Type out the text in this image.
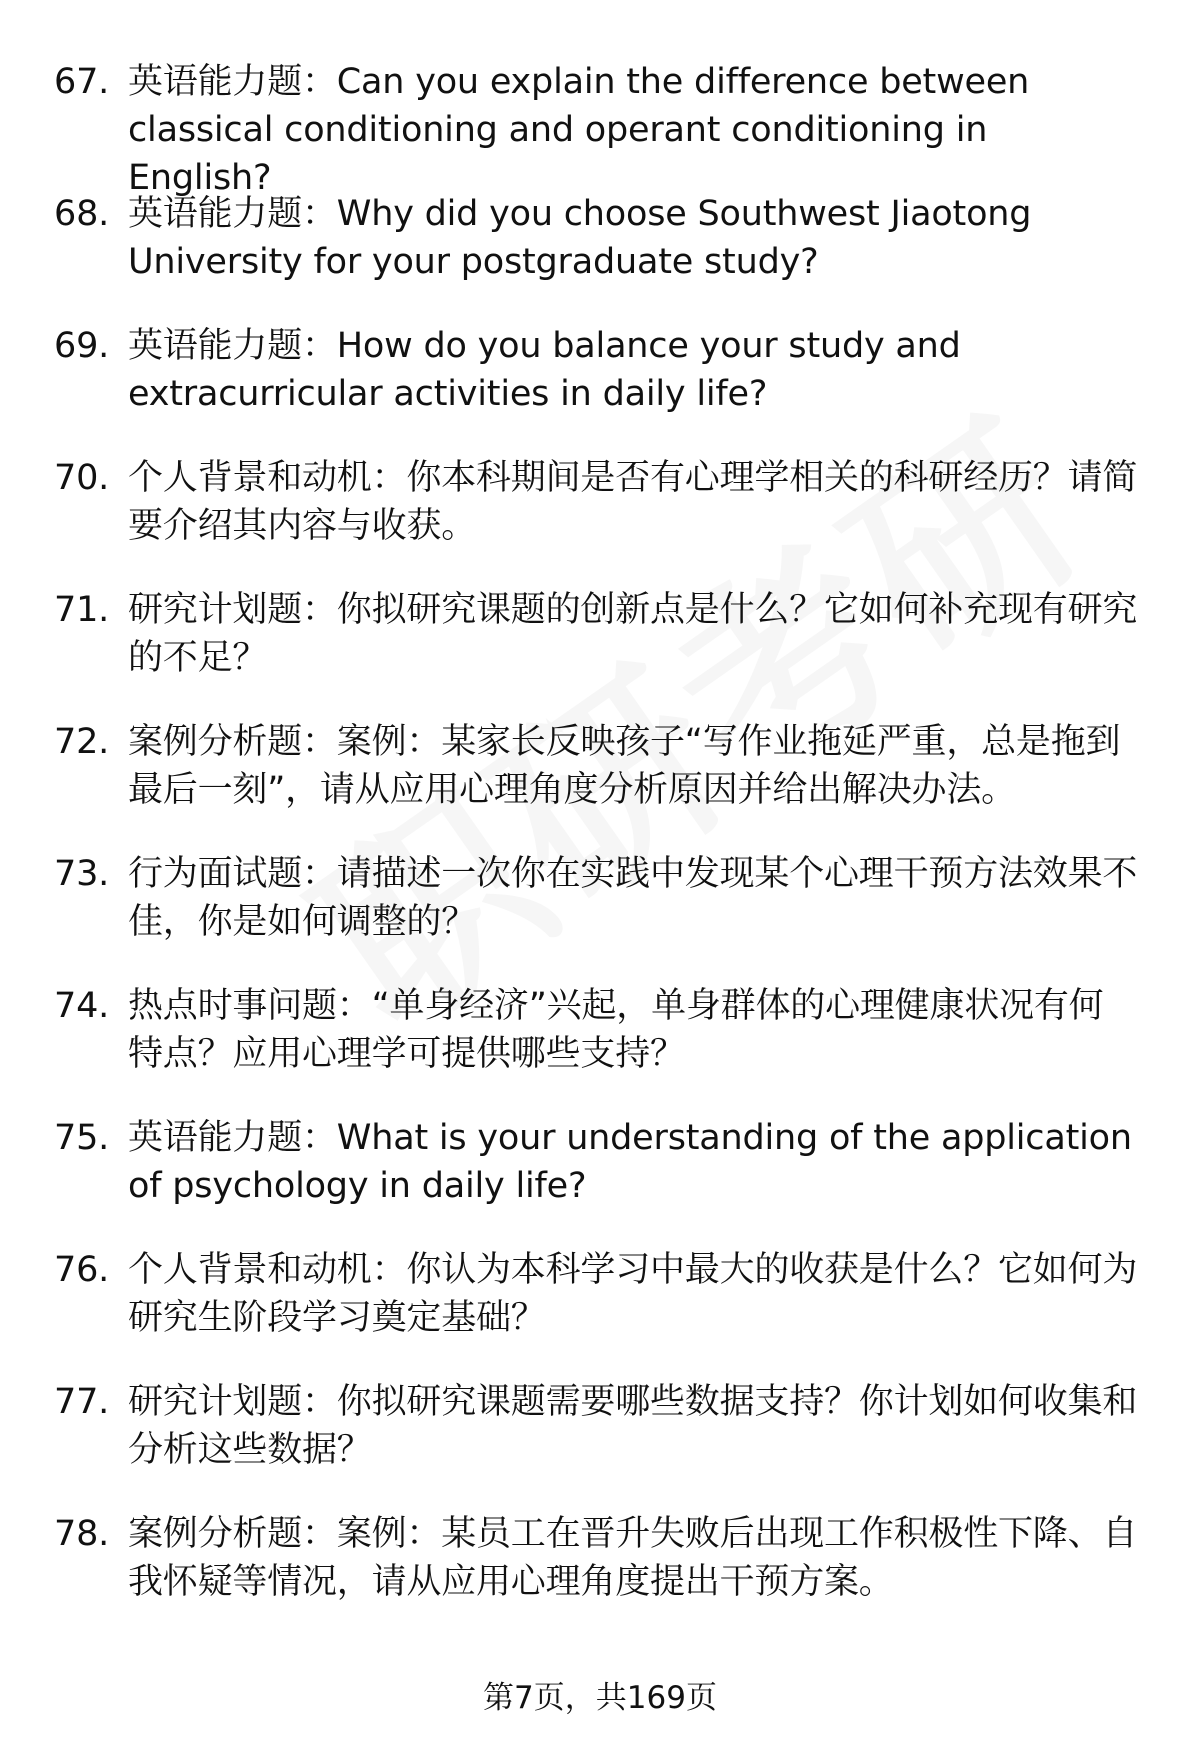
67. 英语能力题：Can you explain the difference between classical conditioning and operant conditioning in English?
68. 英语能力题：Why did you choose Southwest Jiaotong University for your postgraduate study?
69. 英语能力题：How do you balance your study and extracurricular activities in daily life?
70. 个人背景和动机：你本科期间是否有心理学相关的科研经历？请简要介绍其内容与收获。
71. 研究计划题：你拟研究课题的创新点是什么？它如何补充现有研究的不足？
72. 案例分析题：案例：某家长反映孩子“写作业拖延严重，总是拖到最后一刻”，请从应用心理角度分析原因并给出解决办法。
73. 行为面试题：请描述一次你在实践中发现某个心理干预方法效果不佳，你是如何调整的？
74. 热点时事问题：“单身经济”兴起，单身群体的心理健康状况有何特点？应用心理学可提供哪些支持？
75. 英语能力题：What is your understanding of the application of psychology in daily life?
76. 个人背景和动机：你认为本科学习中最大的收获是什么？它如何为研究生阶段学习奠定基础？
77. 研究计划题：你拟研究课题需要哪些数据支持？你计划如何收集和分析这些数据？
78. 案例分析题：案例：某员工在晋升失败后出现工作积极性下降、自我怀疑等情况，请从应用心理角度提出干预方案。
第7页，共169页
